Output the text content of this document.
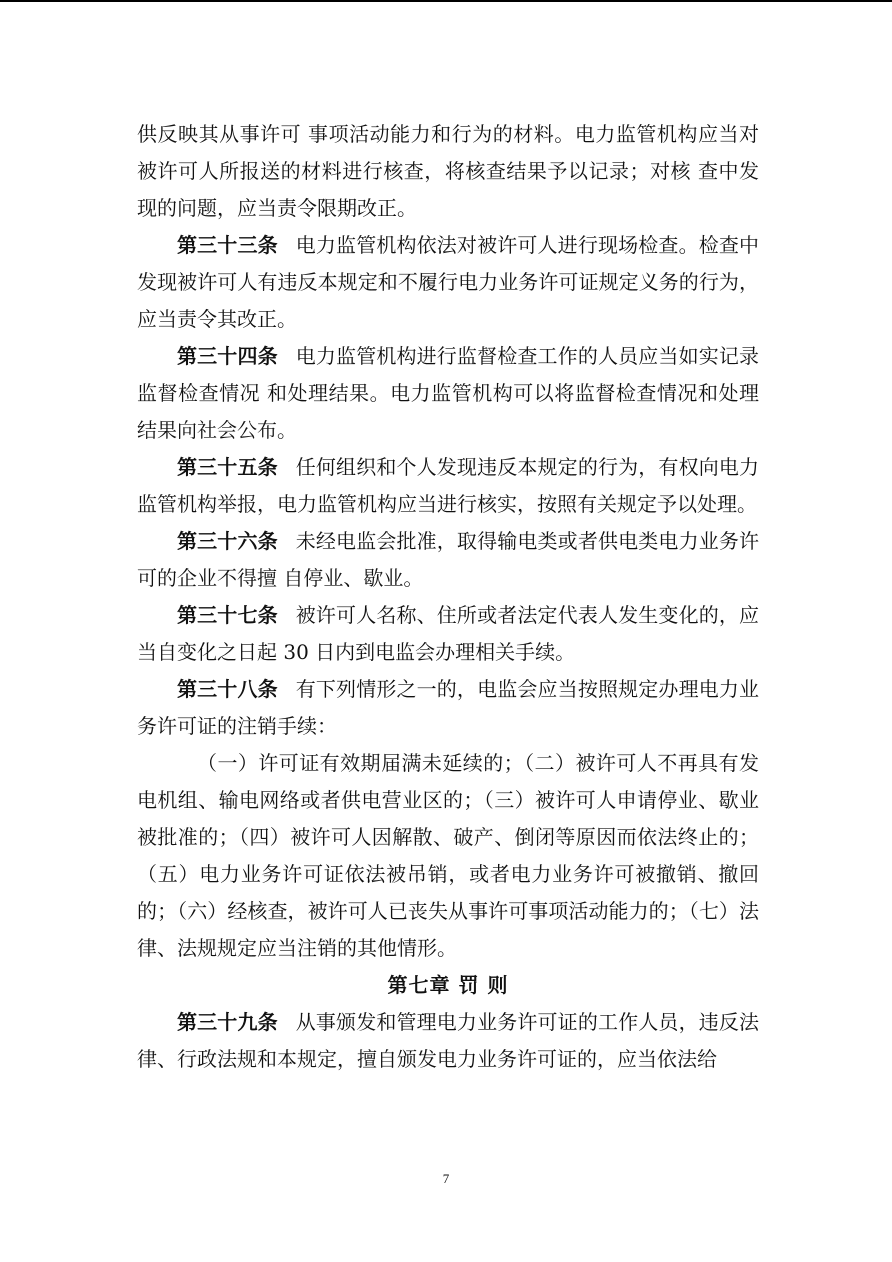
供反映其从事许可 事项活动能力和行为的材料。电力监管机构应当对被许可人所报送的材料进行核查，将核查结果予以记录；对核 查中发现的问题，应当责令限期改正。

第三十三条 电力监管机构依法对被许可人进行现场检查。检查中发现被许可人有违反本规定和不履行电力业务许可证规定义务的行为，应当责令其改正。

第三十四条 电力监管机构进行监督检查工作的人员应当如实记录监督检查情况 和处理结果。电力监管机构可以将监督检查情况和处理结果向社会公布。

第三十五条 任何组织和个人发现违反本规定的行为，有权向电力监管机构举报，电力监管机构应当进行核实，按照有关规定予以处理。

第三十六条 未经电监会批准，取得输电类或者供电类电力业务许可的企业不得擅 自停业、歇业。

第三十七条 被许可人名称、住所或者法定代表人发生变化的，应当自变化之日起 30 日内到电监会办理相关手续。

第三十八条 有下列情形之一的，电监会应当按照规定办理电力业务许可证的注销手续：

（一）许可证有效期届满未延续的；（二）被许可人不再具有发电机组、输电网络或者供电营业区的；（三）被许可人申请停业、歇业被批准的；（四）被许可人因解散、破产、倒闭等原因而依法终止的；（五）电力业务许可证依法被吊销，或者电力业务许可被撤销、撤回的；（六）经核查，被许可人已丧失从事许可事项活动能力的；（七）法律、法规规定应当注销的其他情形。

第七章 罚 则

第三十九条 从事颁发和管理电力业务许可证的工作人员，违反法律、行政法规和本规定，擅自颁发电力业务许可证的，应当依法给

7
